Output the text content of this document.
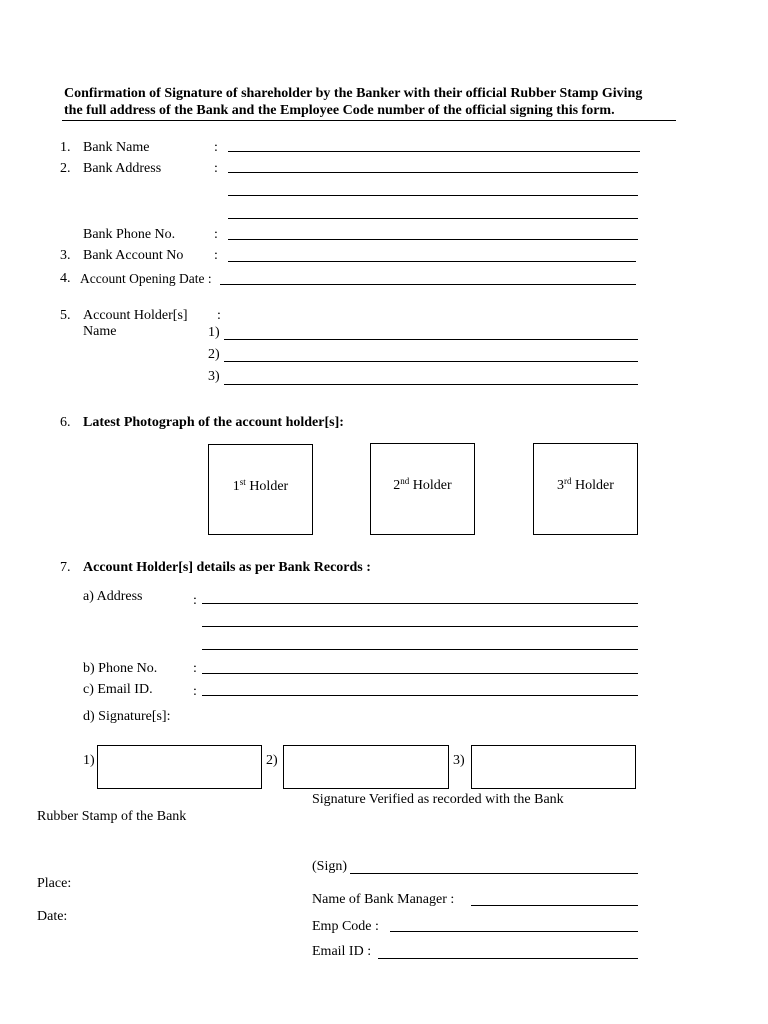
Confirmation of Signature of shareholder by the Banker with their official Rubber Stamp Giving
the full address of the Bank and the Employee Code number of the official signing this form.
1. Bank Name	:
2. Bank Address	:
Bank Phone No.	:
3. Bank Account No :
4. Account Opening Date :
5. Account Holder[s] :
Name	1)
2)
3)
6. Latest Photograph of the account holder[s]:
1st Holder	2nd Holder	3rd Holder
7. Account Holder[s] details as per Bank Records :
a) Address	:
b) Phone No.	:
c) Email ID.	:
d) Signature[s]:
1)	2)	3)
Signature Verified as recorded with the Bank
Rubber Stamp of the Bank
(Sign)
Place:
Date:
Name of Bank Manager :
Emp Code :
Email ID :
